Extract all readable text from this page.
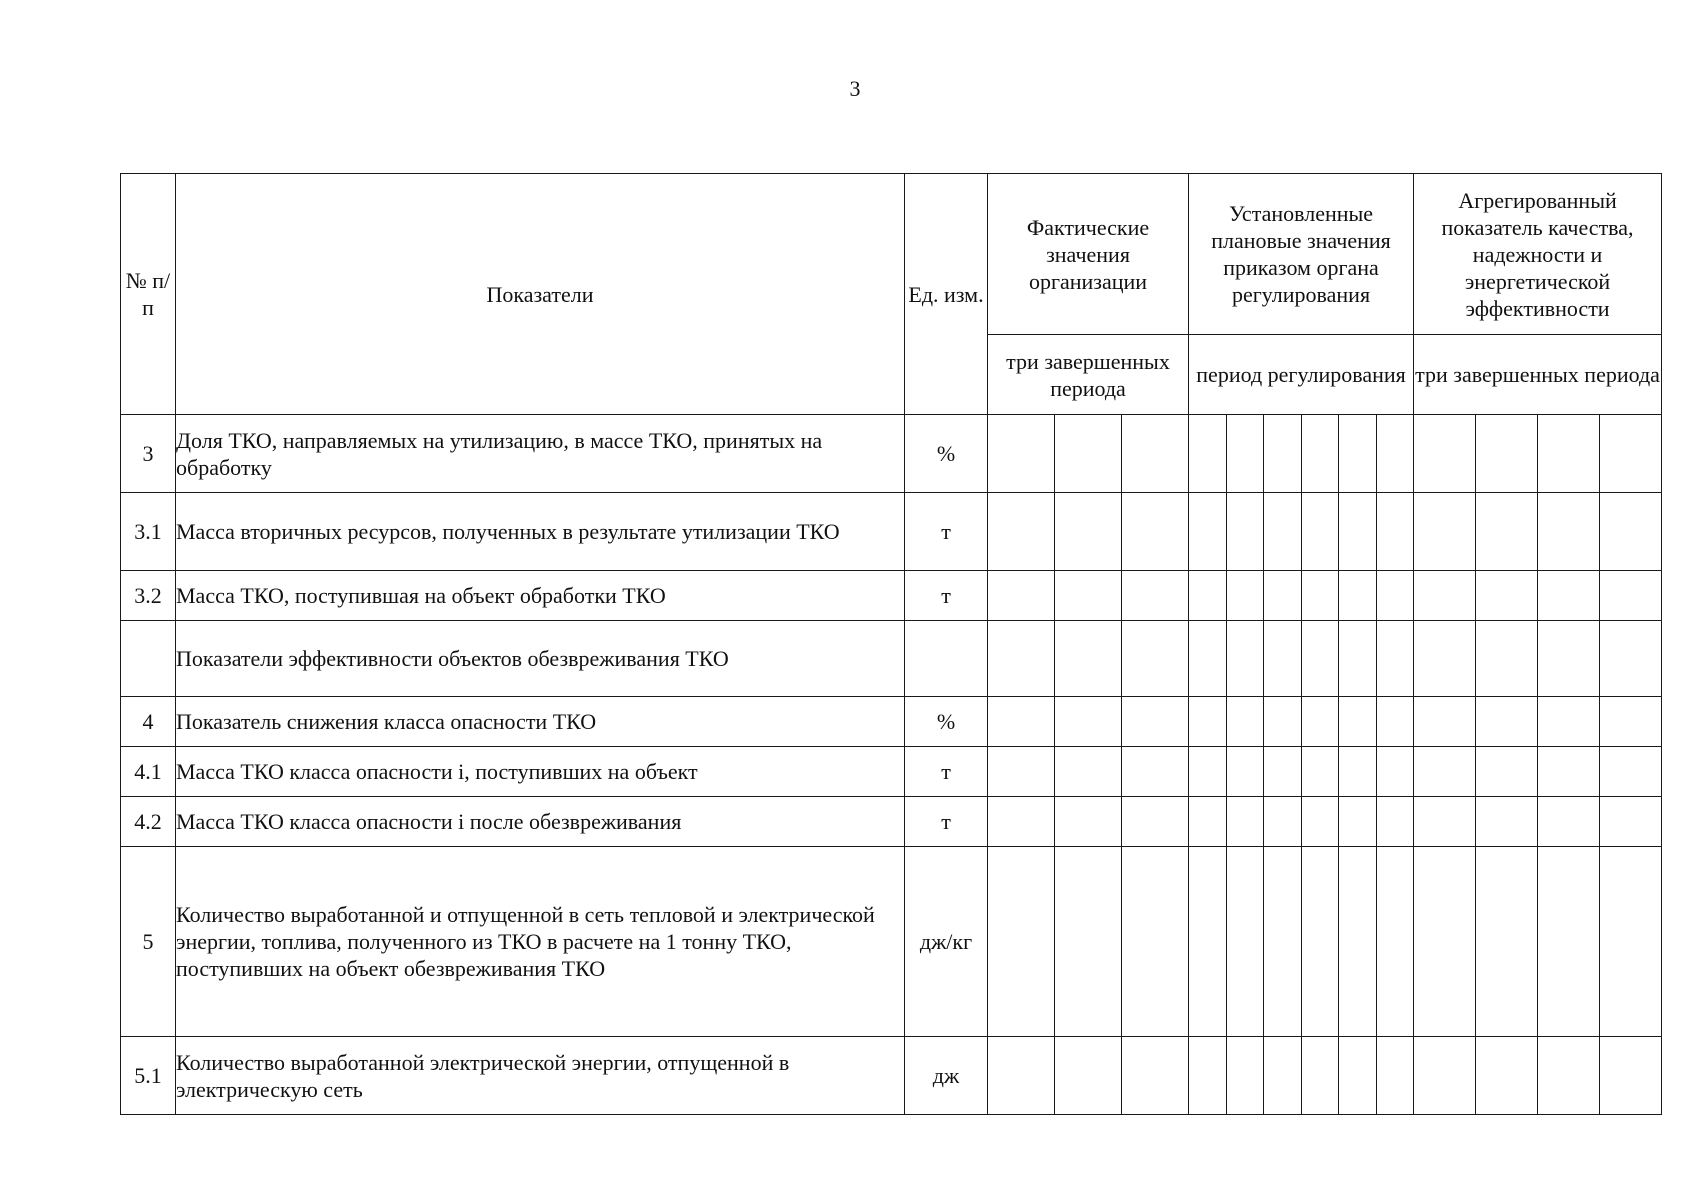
3
№ п/п	Показатели	Ед. изм.	Фактические значения организации			Установленные плановые значения приказом органа регулирования						Агрегированный показатель качества, надежности и энергетической эффективности			
			три завершенных периода			период регулирования						три завершенных периода			
3	Доля ТКО, направляемых на утилизацию, в массе ТКО, принятых на обработку	%													
3.1	Масса вторичных ресурсов, полученных в результате утилизации ТКО	т													
3.2	Масса ТКО, поступившая на объект обработки ТКО	т													
	Показатели эффективности объектов обезвреживания ТКО														
4	Показатель снижения класса опасности ТКО	%													
4.1	Масса ТКО класса опасности i, поступивших на объект	т													
4.2	Масса ТКО класса опасности i после обезвреживания	т													
5	Количество выработанной и отпущенной в сеть тепловой и электрической энергии, топлива, полученного из ТКО в расчете на 1 тонну ТКО, поступивших на объект обезвреживания ТКО	дж/кг													
5.1	Количество выработанной электрической энергии, отпущенной в электрическую сеть	дж													
